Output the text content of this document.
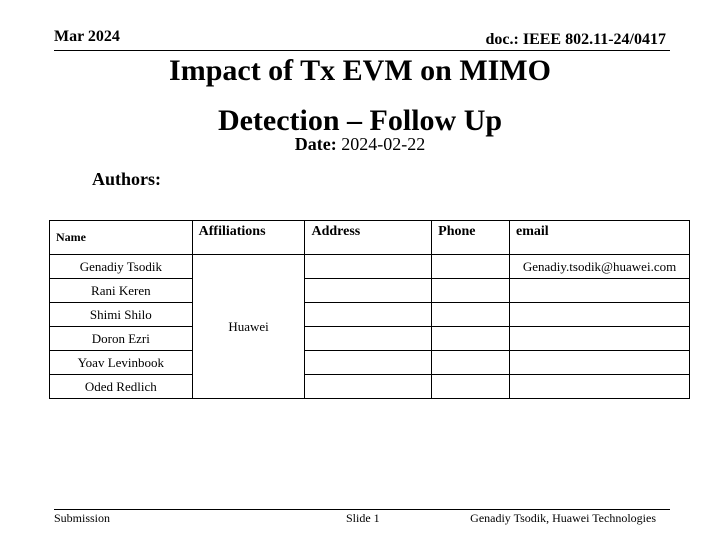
Mar 2024	doc.: IEEE 802.11-24/0417
Impact of Tx EVM on MIMO
Detection – Follow Up
Date: 2024-02-22
Authors:
Name	Affiliations	Address	Phone	email
Genadiy Tsodik	Huawei			Genadiy.tsodik@huawei.com
Rani Keren				
Shimi Shilo				
Doron Ezri				
Yoav Levinbook				
Oded Redlich				
Submission	Slide 1	Genadiy Tsodik, Huawei Technologies
